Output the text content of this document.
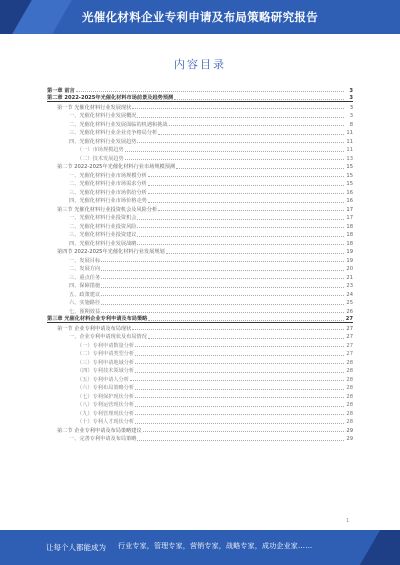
光催化材料企业专利申请及布局策略研究报告
内容目录
第一章 前言	3
第二章 2022-2025年光催化材料市场前景及趋势预测	3
第一节 光催化材料行业发展现状	3
一、光催化材料行业发展概况	3
二、光催化材料行业发展面临的机遇和挑战	8
三、光催化材料行业企业竞争格局分析	11
四、光催化材料行业发展趋势	11
（一）市场规模趋势	11
（二）技术发展趋势	13
第二节 2022-2025年光催化材料行业市场规模预测	15
一、光催化材料行业市场规模分析	15
二、光催化材料行业市场需求分析	15
三、光催化材料行业市场供给分析	16
四、光催化材料行业市场价格走势	16
第三节 光催化材料行业投资机会及风险分析	17
一、光催化材料行业投资机会	17
二、光催化材料行业投资风险	18
三、光催化材料行业投资建议	18
四、光催化材料行业发展战略	18
第四节 2022-2025年光催化材料行业发展规划	19
一、发展目标	19
二、发展方向	20
三、重点任务	21
四、保障措施	23
五、政策建议	24
六、实施路径	25
七、预期效益	26
第三章 光催化材料企业专利申请及布局策略	27
第一节 企业专利申请及布局现状	27
一、企业专利申请现状及布局情况	27
（一）专利申请数量分析	27
（二）专利申请类型分析	27
（三）专利申请地域分析	28
（四）专利技术领域分析	28
（五）专利申请人分析	28
（六）专利布局策略分析	28
（七）专利保护现状分析	28
（八）专利运营现状分析	28
（九）专利管理现状分析	28
（十）专利人才现状分析	28
第二节 企业专利申请及布局策略建议	29
一、完善专利申请及布局策略	29
1
让每个人都能成为 行业专家，管理专家，营销专家，战略专家，成功企业家……
